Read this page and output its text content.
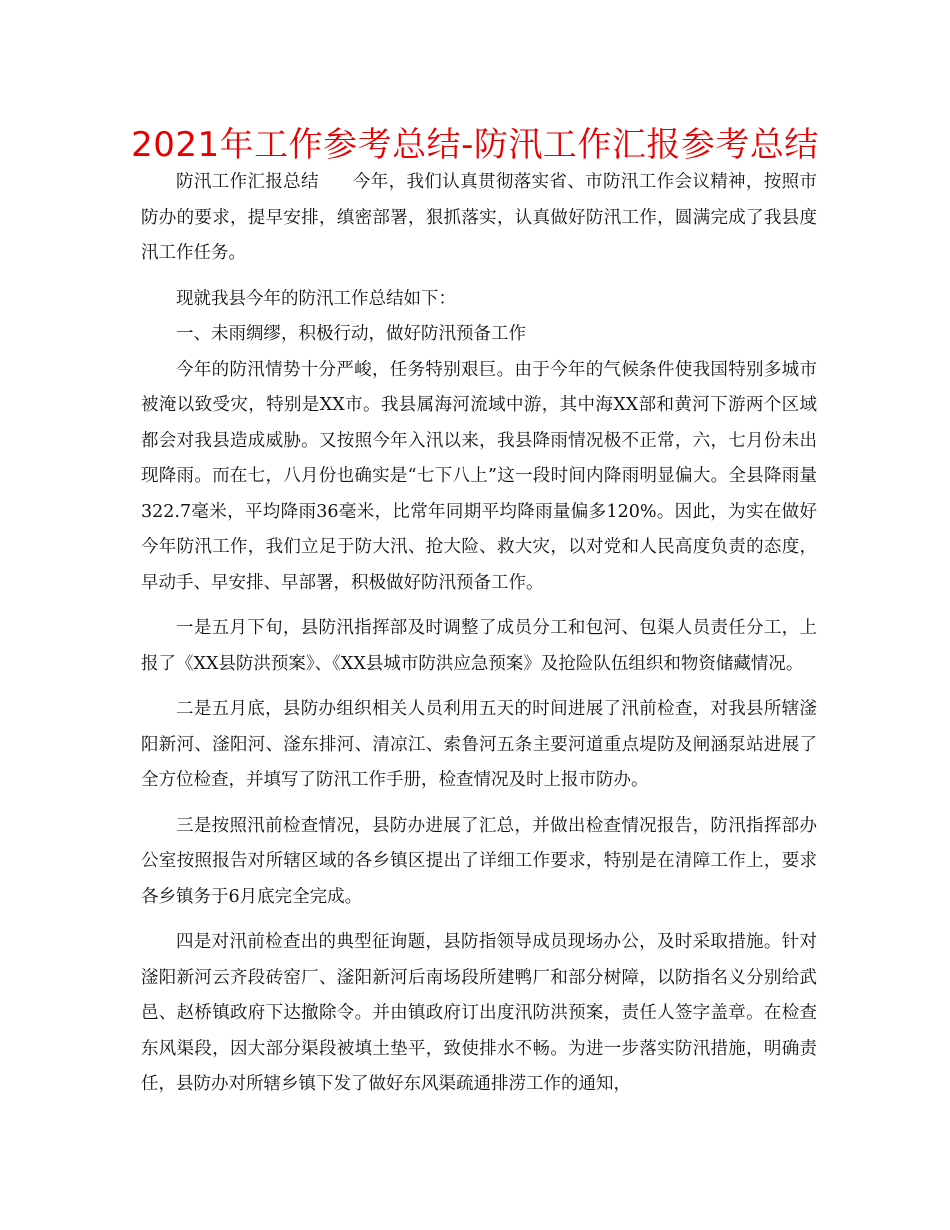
2021年工作参考总结-防汛工作汇报参考总结

防汛工作汇报总结 今年，我们认真贯彻落实省、市防汛工作会议精神，按照市防办的要求，提早安排，缜密部署，狠抓落实，认真做好防汛工作，圆满完成了我县度汛工作任务。

现就我县今年的防汛工作总结如下：

一、未雨绸缪，积极行动，做好防汛预备工作

今年的防汛情势十分严峻，任务特别艰巨。由于今年的气候条件使我国特别多城市被淹以致受灾，特别是XX市。我县属海河流域中游，其中海XX部和黄河下游两个区域都会对我县造成威胁。又按照今年入汛以来，我县降雨情况极不正常，六，七月份未出现降雨。而在七，八月份也确实是“七下八上”这一段时间内降雨明显偏大。全县降雨量322.7毫米，平均降雨36毫米，比常年同期平均降雨量偏多120%。因此，为实在做好今年防汛工作，我们立足于防大汛、抢大险、救大灾，以对党和人民高度负责的态度，早动手、早安排、早部署，积极做好防汛预备工作。

一是五月下旬，县防汛指挥部及时调整了成员分工和包河、包渠人员责任分工，上报了《XX县防洪预案》、《XX县城市防洪应急预案》及抢险队伍组织和物资储藏情况。

二是五月底，县防办组织相关人员利用五天的时间进展了汛前检查，对我县所辖滏阳新河、滏阳河、滏东排河、清凉江、索鲁河五条主要河道重点堤防及闸涵泵站进展了全方位检查，并填写了防汛工作手册，检查情况及时上报市防办。

三是按照汛前检查情况，县防办进展了汇总，并做出检查情况报告，防汛指挥部办公室按照报告对所辖区域的各乡镇区提出了详细工作要求，特别是在清障工作上，要求各乡镇务于6月底完全完成。

四是对汛前检查出的典型征询题，县防指领导成员现场办公，及时采取措施。针对滏阳新河云齐段砖窑厂、滏阳新河后南场段所建鸭厂和部分树障，以防指名义分别给武邑、赵桥镇政府下达撤除令。并由镇政府订出度汛防洪预案，责任人签字盖章。在检查东风渠段，因大部分渠段被填土垫平，致使排水不畅。为进一步落实防汛措施，明确责任，县防办对所辖乡镇下发了做好东风渠疏通排涝工作的通知，
